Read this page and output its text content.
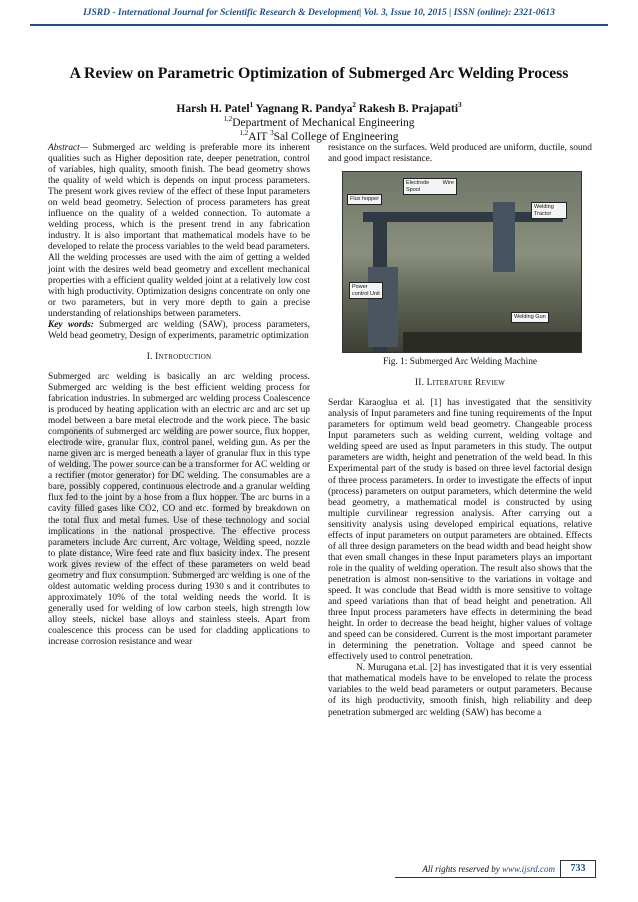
IJSRD - International Journal for Scientific Research & Development| Vol. 3, Issue 10, 2015 | ISSN (online): 2321-0613
A Review on Parametric Optimization of Submerged Arc Welding Process
Harsh H. Patel$^1$ Yagnang R. Pandya$^2$ Rakesh B. Prajapati$^3$
$^{1,2}$Department of Mechanical Engineering
$^{1,2}$AIT $^3$Sal College of Engineering

Abstract— Submerged arc welding is preferable more its inherent qualities such as Higher deposition rate, deeper penetration, control of variables, high quality, smooth finish. The bead geometry shows the quality of weld which is depends on input process parameters. The present work gives review of the effect of these Input parameters on weld bead geometry. Selection of process parameters has great influence on the quality of a welded connection. To automate a welding process, which is the present trend in any fabrication industry. It is also important that mathematical models have to be developed to relate the process variables to the weld bead parameters. All the welding processes are used with the aim of getting a welded joint with the desires weld bead geometry and excellent mechanical properties with a efficient quality welded joint at a relatively low cost with high productivity. Optimization designs concentrate on only one or two parameters, but in very more depth to gain a precise understanding of relationships between parameters.

Key words: Submerged arc welding (SAW), process parameters, Weld bead geometry, Design of experiments, parametric optimization

I. Introduction

Submerged arc welding is basically an arc welding process. Submerged arc welding is the best efficient welding process for fabrication industries. In submerged arc welding process Coalescence is produced by heating application with an electric arc and arc set up model between a bare metal electrode and the work piece. The basic components of submerged arc welding are power source, flux hopper, electrode wire, granular flux, control panel, welding gun. As per the name given arc is merged beneath a layer of granular flux in this type of welding. The power source can be a transformer for AC welding or a rectifier (motor generator) for DC welding. The consumables are a bare, possibly coppered, continuous electrode and a granular welding flux fed to the joint by a hose from a flux hopper. The arc burns in a cavity filled gases like CO2, CO and etc. formed by breakdown on the total flux and metal fumes. Use of these technology and social implications in the national prospective. The effective process parameters include Arc current, Arc voltage, Welding speed, nozzle to plate distance, Wire feed rate and flux basicity index. The present work gives review of the effect of these parameters on weld bead geometry and flux consumption. Submerged arc welding is one of the oldest automatic welding process during 1930 s and it contributes to approximately 10% of the total welding needs the world. It is generally used for welding of low carbon steels, high strength low alloy steels, nickel base alloys and stainless steels. Apart from coalescence this process can be used for cladding applications to increase corrosion resistance and wear

resistance on the surfaces. Weld produced are uniform, ductile, sound and good impact resistance.

Electrode Wire Spool
Flux hopper
Welding Tractor
Power control Unit
Welding Gun
Fig. 1: Submerged Arc Welding Machine
II. Literature Review

Serdar Karaoglua et al. [1] has investigated that the sensitivity analysis of Input parameters and fine tuning requirements of the Input parameters for optimum weld bead geometry. Changeable process Input parameters such as welding current, welding voltage and welding speed are used as Input parameters in this study. The output parameters are width, height and penetration of the weld bead. In this Experimental part of the study is based on three level factorial design of three process parameters. In order to investigate the effects of input (process) parameters on output parameters, which determine the weld bead geometry, a mathematical model is constructed by using multiple curvilinear regression analysis. After carrying out a sensitivity analysis using developed empirical equations, relative effects of input parameters on output parameters are obtained. Effects of all three design parameters on the bead width and bead height show that even small changes in these Input parameters plays an important role in the quality of welding operation. The result also shows that the penetration is almost non-sensitive to the variations in voltage and speed. It was conclude that Bead width is more sensitive to voltage and speed variations than that of bead height and penetration. All three Input process parameters have effects in determining the bead height. In order to decrease the bead height, higher values of voltage and speed can be considered. Current is the most important parameter in determining the penetration. Voltage and speed cannot be effectively used to control penetration.

N. Murugana et.al. [2] has investigated that it is very essential that mathematical models have to be enveloped to relate the process variables to the weld bead parameters or output parameters. Because of its high productivity, smooth finish, high reliability and deep penetration submerged arc welding (SAW) has become a

All rights reserved by www.ijsrd.com	733
